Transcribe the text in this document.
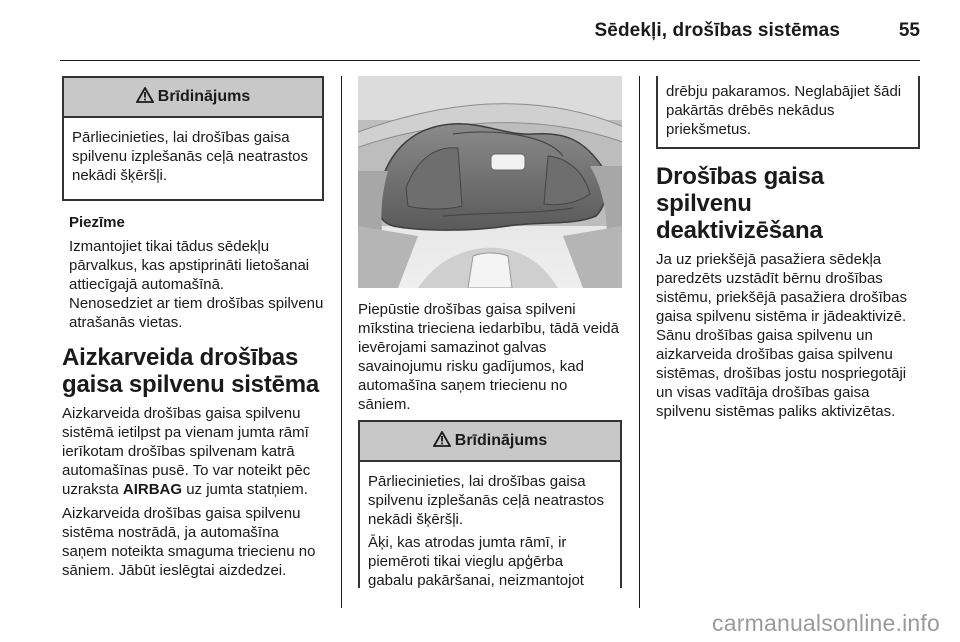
Sēdekļi, drošības sistēmas	55
Brīdinājums

Pārliecinieties, lai drošības gaisa spilvenu izplešanās ceļā neatrastos nekādi šķēršļi.

Piezīme

Izmantojiet tikai tādus sēdekļu pārvalkus, kas apstiprināti lietošanai attiecīgajā automašīnā.

Nenosedziet ar tiem drošības spilvenu atrašanās vietas.

Aizkarveida drošības gaisa spilvenu sistēma

Aizkarveida drošības gaisa spilvenu sistēmā ietilpst pa vienam jumta rāmī ierīkotam drošības spilvenam katrā automašīnas pusē. To var noteikt pēc uzraksta AIRBAG uz jumta statņiem.

Aizkarveida drošības gaisa spilvenu sistēma nostrādā, ja automašīna saņem noteikta smaguma triecienu no sāniem. Jābūt ieslēgtai aizdedzei.

Piepūstie drošības gaisa spilveni mīkstina trieciena iedarbību, tādā veidā ievērojami samazinot galvas savainojumu risku gadījumos, kad automašīna saņem triecienu no sāniem.

Brīdinājums

Pārliecinieties, lai drošības gaisa spilvenu izplešanās ceļā neatrastos nekādi šķēršļi.

Āķi, kas atrodas jumta rāmī, ir piemēroti tikai vieglu apģērba gabalu pakāršanai, neizmantojot

drēbju pakaramos. Neglabājiet šādi pakārtās drēbēs nekādus priekšmetus.

Drošības gaisa spilvenu deaktivizēšana

Ja uz priekšējā pasažiera sēdekļa paredzēts uzstādīt bērnu drošības sistēmu, priekšējā pasažiera drošības gaisa spilvenu sistēma ir jādeaktivizē. Sānu drošības gaisa spilvenu un aizkarveida drošības gaisa spilvenu sistēmas, drošības jostu nospriegotāji un visas vadītāja drošības gaisa spilvenu sistēmas paliks aktivizētas.

carmanualsonline.info
